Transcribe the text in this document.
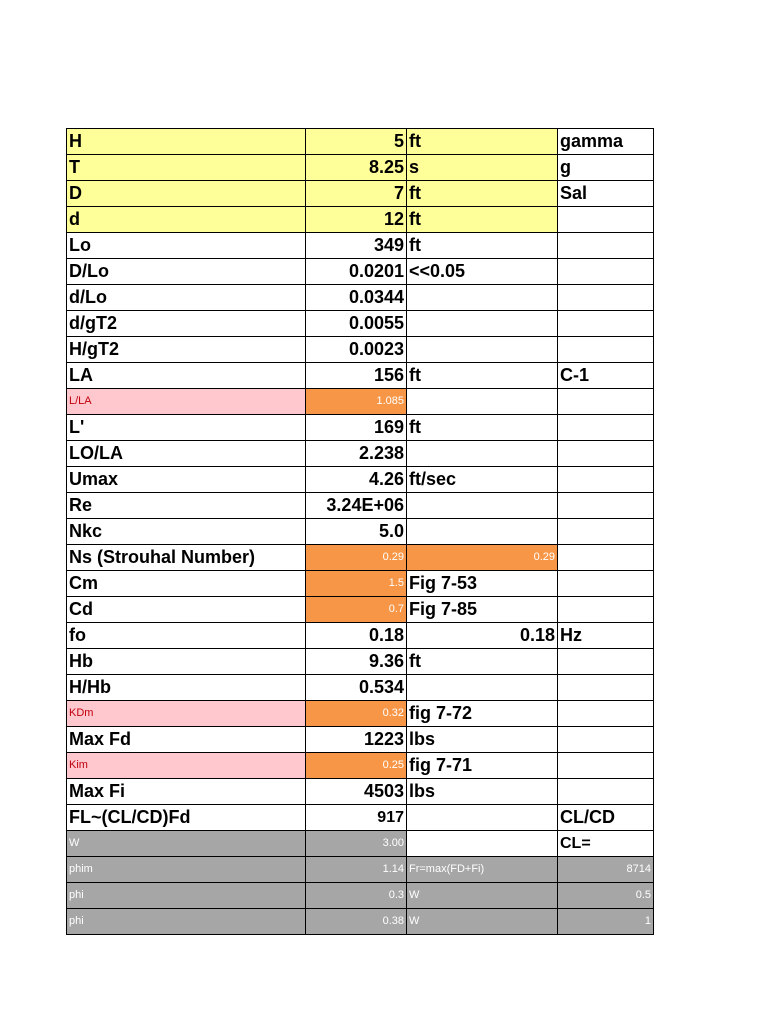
H	5	ft	gamma
T	8.25	s	g
D	7	ft	Sal
d	12	ft	
Lo	349	ft	
D/Lo	0.0201	<<0.05	
d/Lo	0.0344		
d/gT2	0.0055		
H/gT2	0.0023		
LA	156	ft	C-1
L/LA	1.085		
L'	169	ft	
LO/LA	2.238		
Umax	4.26	ft/sec	
Re	3.24E+06		
Nkc	5.0		
Ns (Strouhal Number)	0.29	0.29	
Cm	1.5	Fig 7-53	
Cd	0.7	Fig 7-85	
fo	0.18	0.18	Hz
Hb	9.36	ft	
H/Hb	0.534		
KDm	0.32	fig 7-72	
Max Fd	1223	lbs	
Kim	0.25	fig 7-71	
Max Fi	4503	lbs	
FL~(CL/CD)Fd	917		CL/CD
W	3.00		CL=
phim	1.14	Fr=max(FD+Fi)	8714
phi	0.3	W	0.5
phi	0.38	W	1
